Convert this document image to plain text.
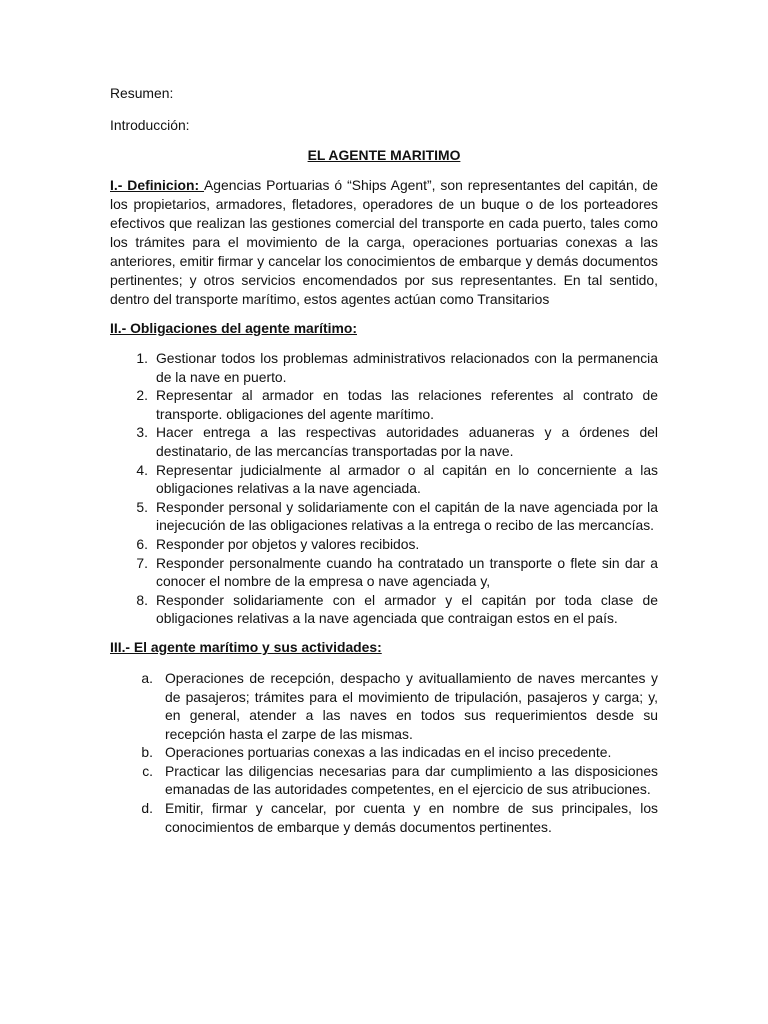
Resumen:

Introducción:

EL AGENTE MARITIMO

I.- Definicion: Agencias Portuarias ó “Ships Agent”, son representantes del capitán, de los propietarios, armadores, fletadores, operadores de un buque o de los porteadores efectivos que realizan las gestiones comercial del transporte en cada puerto, tales como los trámites para el movimiento de la carga, operaciones portuarias conexas a las anteriores, emitir firmar y cancelar los conocimientos de embarque y demás documentos pertinentes; y otros servicios encomendados por sus representantes. En tal sentido, dentro del transporte marítimo, estos agentes actúan como Transitarios

II.- Obligaciones del agente marítimo:

1. Gestionar todos los problemas administrativos relacionados con la permanencia de la nave en puerto.
2. Representar al armador en todas las relaciones referentes al contrato de transporte. obligaciones del agente marítimo.
3. Hacer entrega a las respectivas autoridades aduaneras y a órdenes del destinatario, de las mercancías transportadas por la nave.
4. Representar judicialmente al armador o al capitán en lo concerniente a las obligaciones relativas a la nave agenciada.
5. Responder personal y solidariamente con el capitán de la nave agenciada por la inejecución de las obligaciones relativas a la entrega o recibo de las mercancías.
6. Responder por objetos y valores recibidos.
7. Responder personalmente cuando ha contratado un transporte o flete sin dar a conocer el nombre de la empresa o nave agenciada y,
8. Responder solidariamente con el armador y el capitán por toda clase de obligaciones relativas a la nave agenciada que contraigan estos en el país.

III.- El agente marítimo y sus actividades:

a. Operaciones de recepción, despacho y avituallamiento de naves mercantes y de pasajeros; trámites para el movimiento de tripulación, pasajeros y carga; y, en general, atender a las naves en todos sus requerimientos desde su recepción hasta el zarpe de las mismas.
b. Operaciones portuarias conexas a las indicadas en el inciso precedente.
c. Practicar las diligencias necesarias para dar cumplimiento a las disposiciones emanadas de las autoridades competentes, en el ejercicio de sus atribuciones.
d. Emitir, firmar y cancelar, por cuenta y en nombre de sus principales, los conocimientos de embarque y demás documentos pertinentes.
